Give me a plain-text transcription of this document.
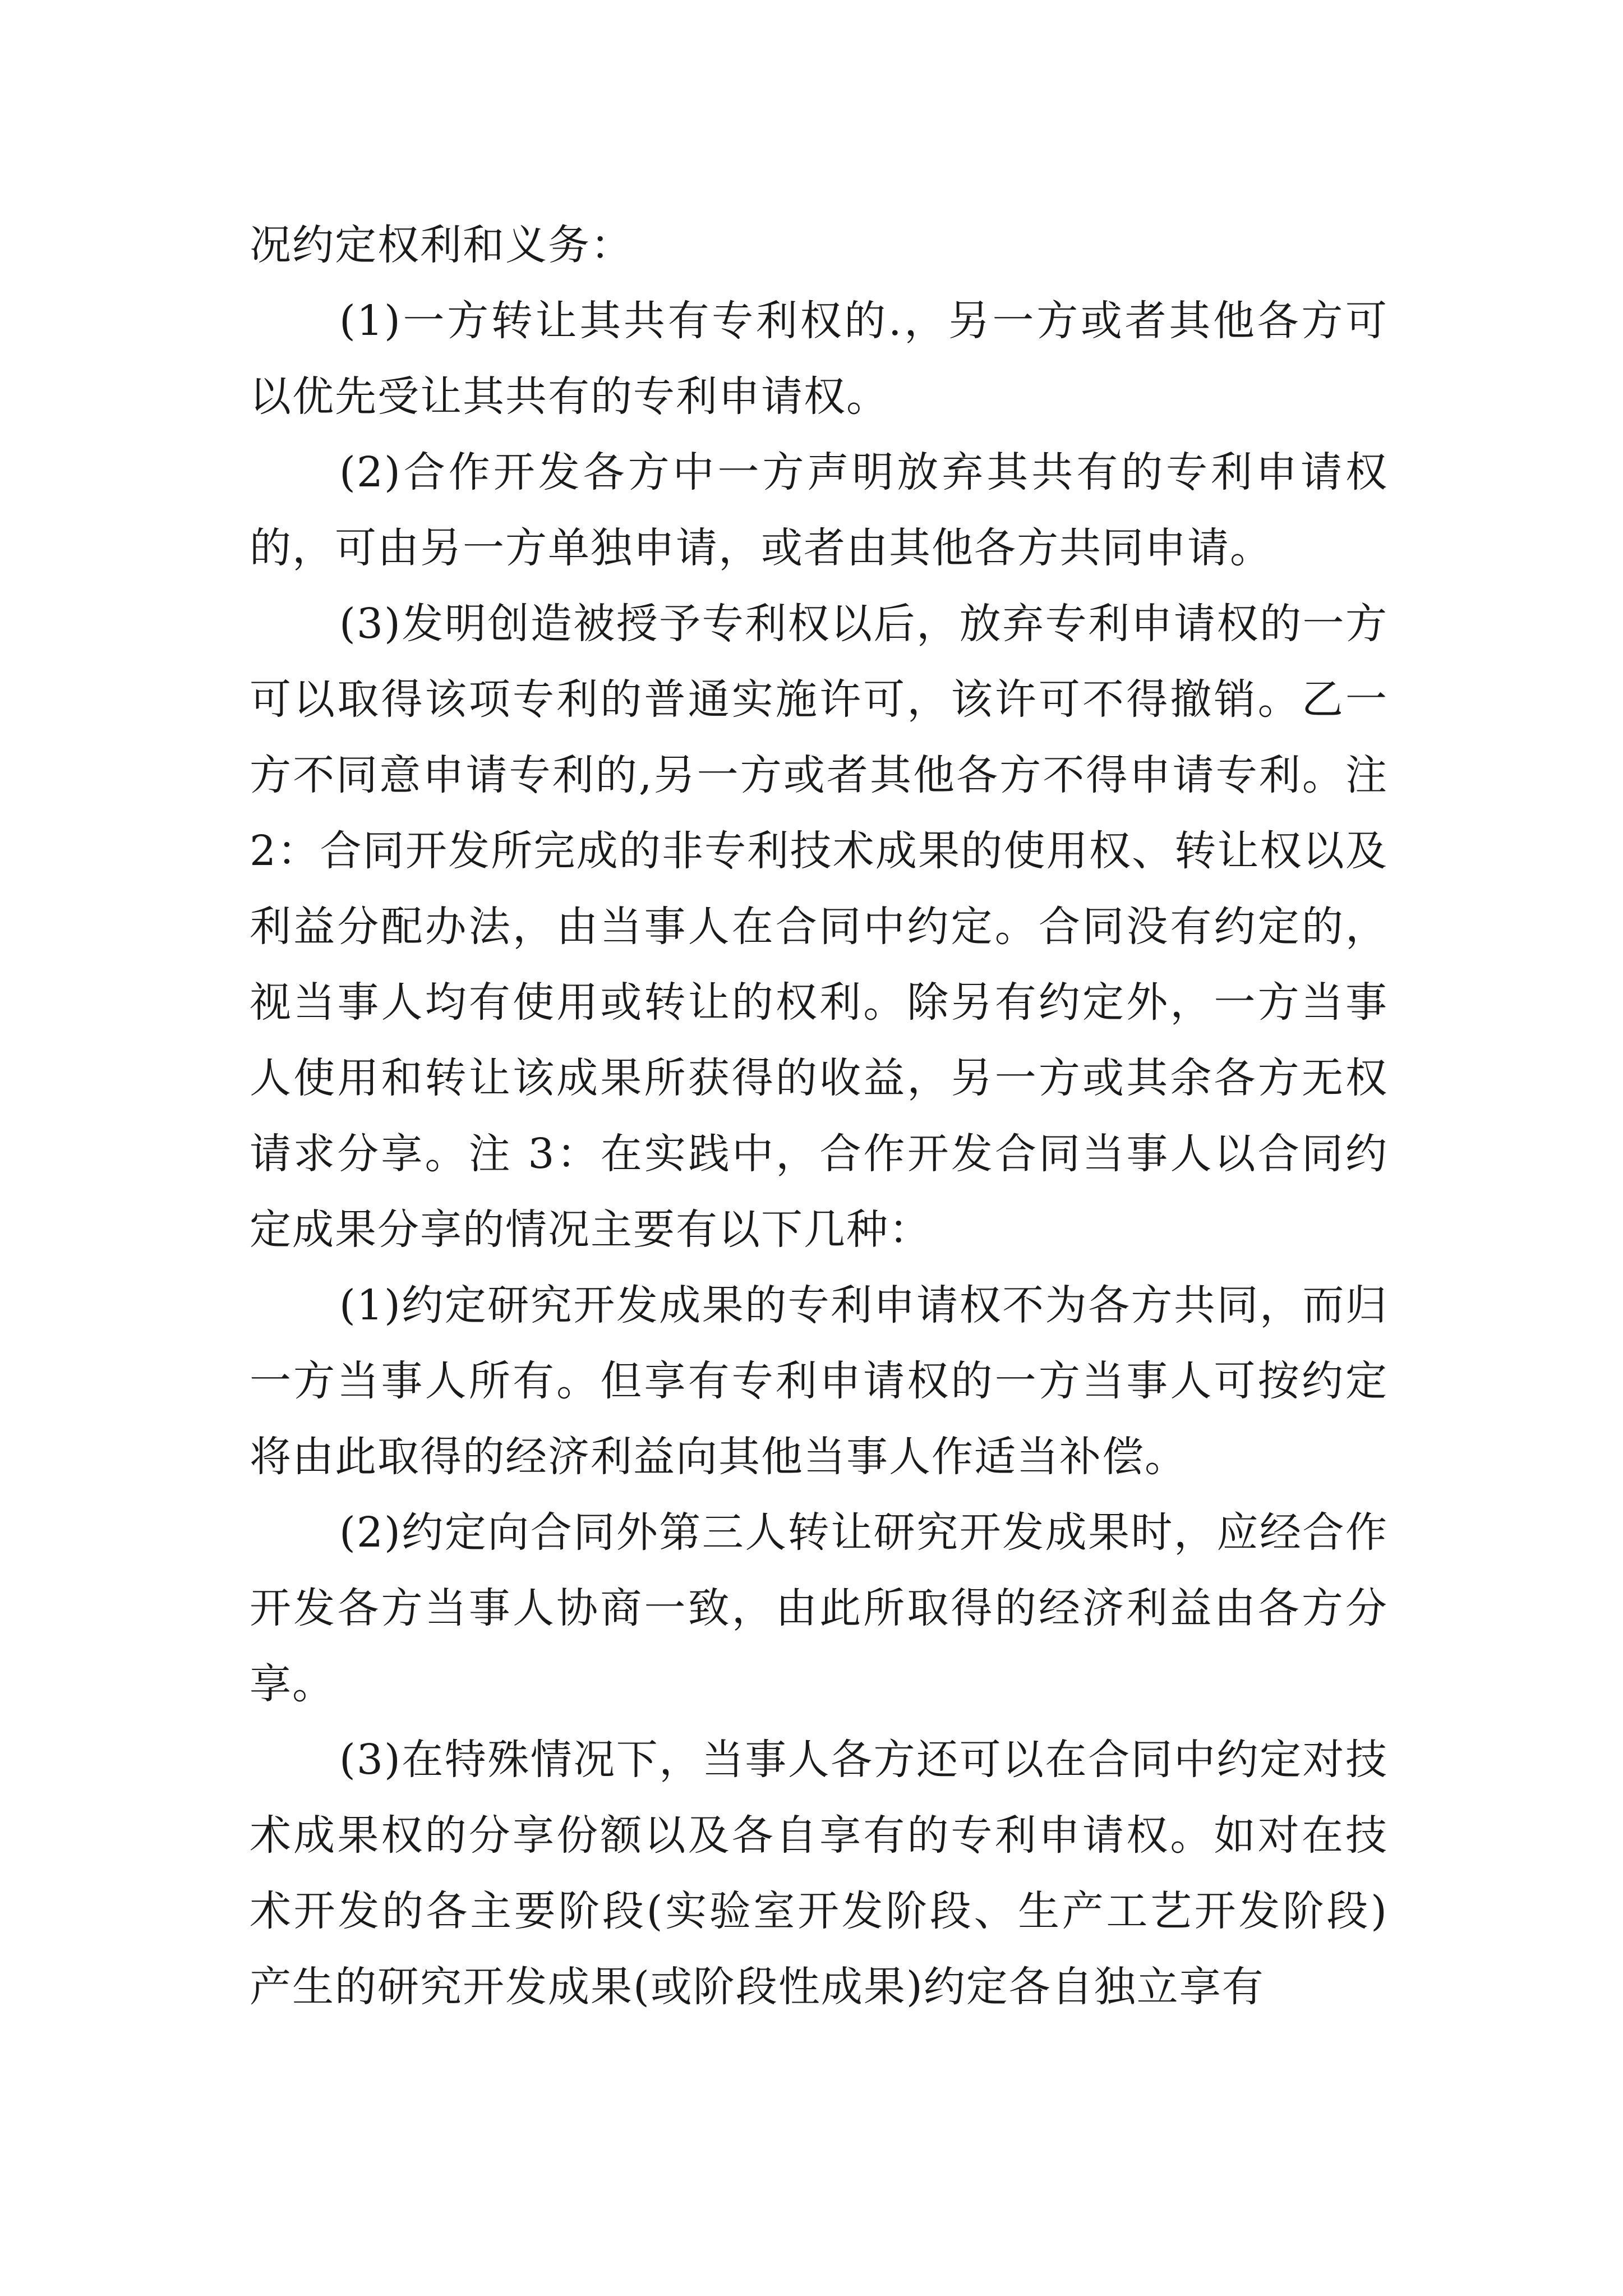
况约定权利和义务：

(1)一方转让其共有专利权的.，另一方或者其他各方可以优先受让其共有的专利申请权。

(2)合作开发各方中一方声明放弃其共有的专利申请权的，可由另一方单独申请，或者由其他各方共同申请。

(3)发明创造被授予专利权以后，放弃专利申请权的一方可以取得该项专利的普通实施许可，该许可不得撤销。乙一方不同意申请专利的,另一方或者其他各方不得申请专利。注 2：合同开发所完成的非专利技术成果的使用权、转让权以及利益分配办法，由当事人在合同中约定。合同没有约定的，视当事人均有使用或转让的权利。除另有约定外，一方当事人使用和转让该成果所获得的收益，另一方或其余各方无权请求分享。注 3：在实践中，合作开发合同当事人以合同约定成果分享的情况主要有以下几种：

(1)约定研究开发成果的专利申请权不为各方共同，而归一方当事人所有。但享有专利申请权的一方当事人可按约定将由此取得的经济利益向其他当事人作适当补偿。

(2)约定向合同外第三人转让研究开发成果时，应经合作开发各方当事人协商一致，由此所取得的经济利益由各方分享。

(3)在特殊情况下，当事人各方还可以在合同中约定对技术成果权的分享份额以及各自享有的专利申请权。如对在技术开发的各主要阶段(实验室开发阶段、生产工艺开发阶段)产生的研究开发成果(或阶段性成果)约定各自独立享有
